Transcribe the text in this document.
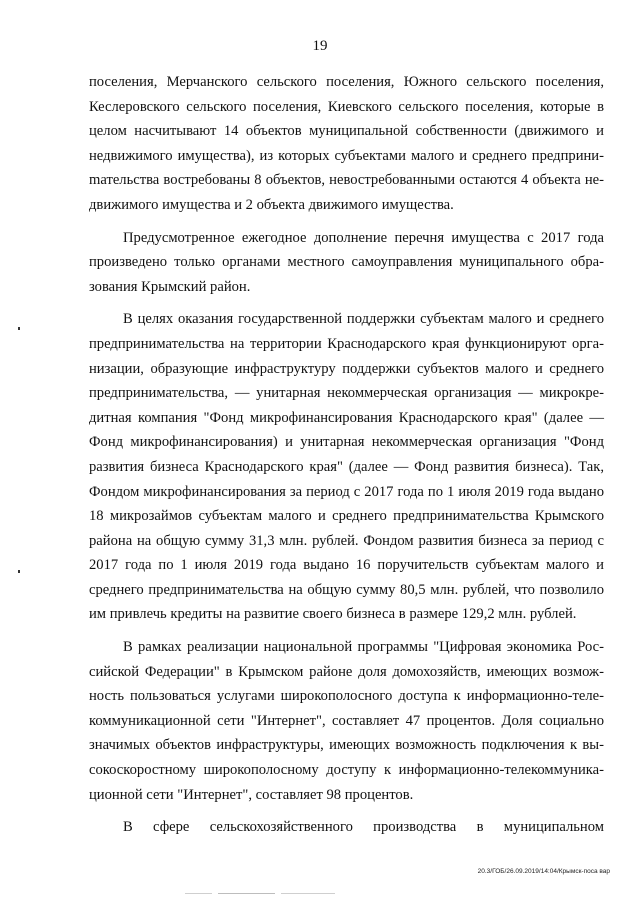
19

поселения, Мерчанского сельского поселения, Южного сельского поселения, Кеслеровского сельского поселения, Киевского сельского поселения, которые в целом насчитывают 14 объектов муниципальной собственности (движимого и недвижимого имущества), из которых субъектами малого и среднего предприниmательства востребованы 8 объектов, невостребованными остаются 4 объекта недвижимого имущества и 2 объекта движимого имущества.

Предусмотренное ежегодное дополнение перечня имущества с 2017 года произведено только органами местного самоуправления муниципального образования Крымский район.

В целях оказания государственной поддержки субъектам малого и среднего предпринимательства на территории Краснодарского края функционируют организации, образующие инфраструктуру поддержки субъектов малого и среднего предпринимательства, — унитарная некоммерческая организация — микрокредитная компания "Фонд микрофинансирования Краснодарского края" (далее — Фонд микрофинансирования) и унитарная некоммерческая организация "Фонд развития бизнеса Краснодарского края" (далее — Фонд развития бизнеса). Так, Фондом микрофинансирования за период с 2017 года по 1 июля 2019 года выдано 18 микрозаймов субъектам малого и среднего предпринимательства Крымского района на общую сумму 31,3 млн. рублей. Фондом развития бизнеса за период с 2017 года по 1 июля 2019 года выдано 16 поручительств субъектам малого и среднего предпринимательства на общую сумму 80,5 млн. рублей, что позволило им привлечь кредиты на развитие своего бизнеса в размере 129,2 млн. рублей.

В рамках реализации национальной программы "Цифровая экономика Российской Федерации" в Крымском районе доля домохозяйств, имеющих возможность пользоваться услугами широкополосного доступа к информационно-телекоммуникационной сети "Интернет", составляет 47 процентов. Доля социально значимых объектов инфраструктуры, имеющих возможность подключения к высокоскоростному широкополосному доступу к информационно-телекоммуникационной сети "Интернет", составляет 98 процентов.

В сфере сельскохозяйственного производства в муниципальном

20.3/ГОБ/26.09.2019/14:04/Крымск-поса вар
